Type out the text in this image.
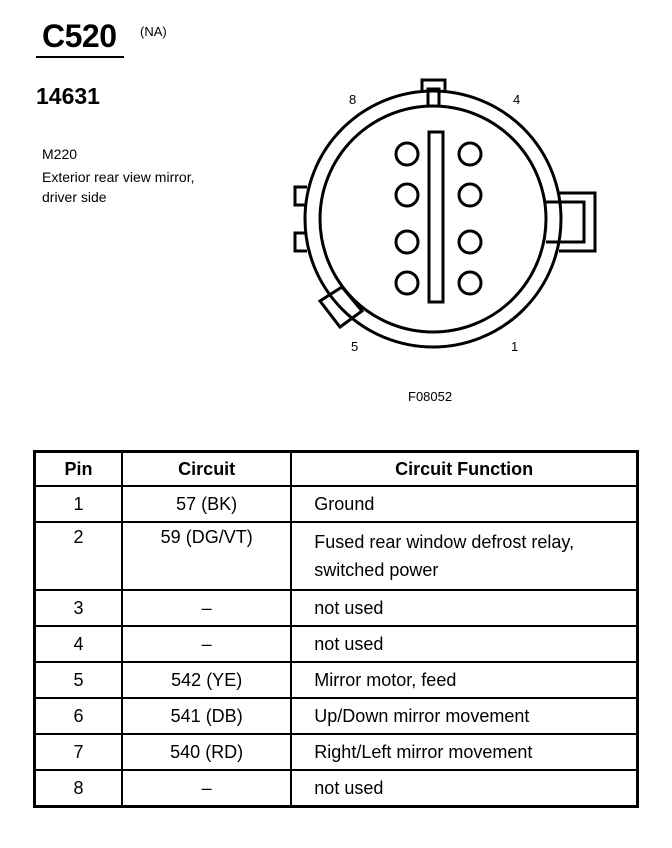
C520 (NA)
14631
M220
Exterior rear view mirror, driver side
8	4
5	1
F08052
Pin	Circuit	Circuit Function
1	57 (BK)	Ground
2	59 (DG/VT)	Fused rear window defrost relay, switched power
3	–	not used
4	–	not used
5	542 (YE)	Mirror motor, feed
6	541 (DB)	Up/Down mirror movement
7	540 (RD)	Right/Left mirror movement
8	–	not used
